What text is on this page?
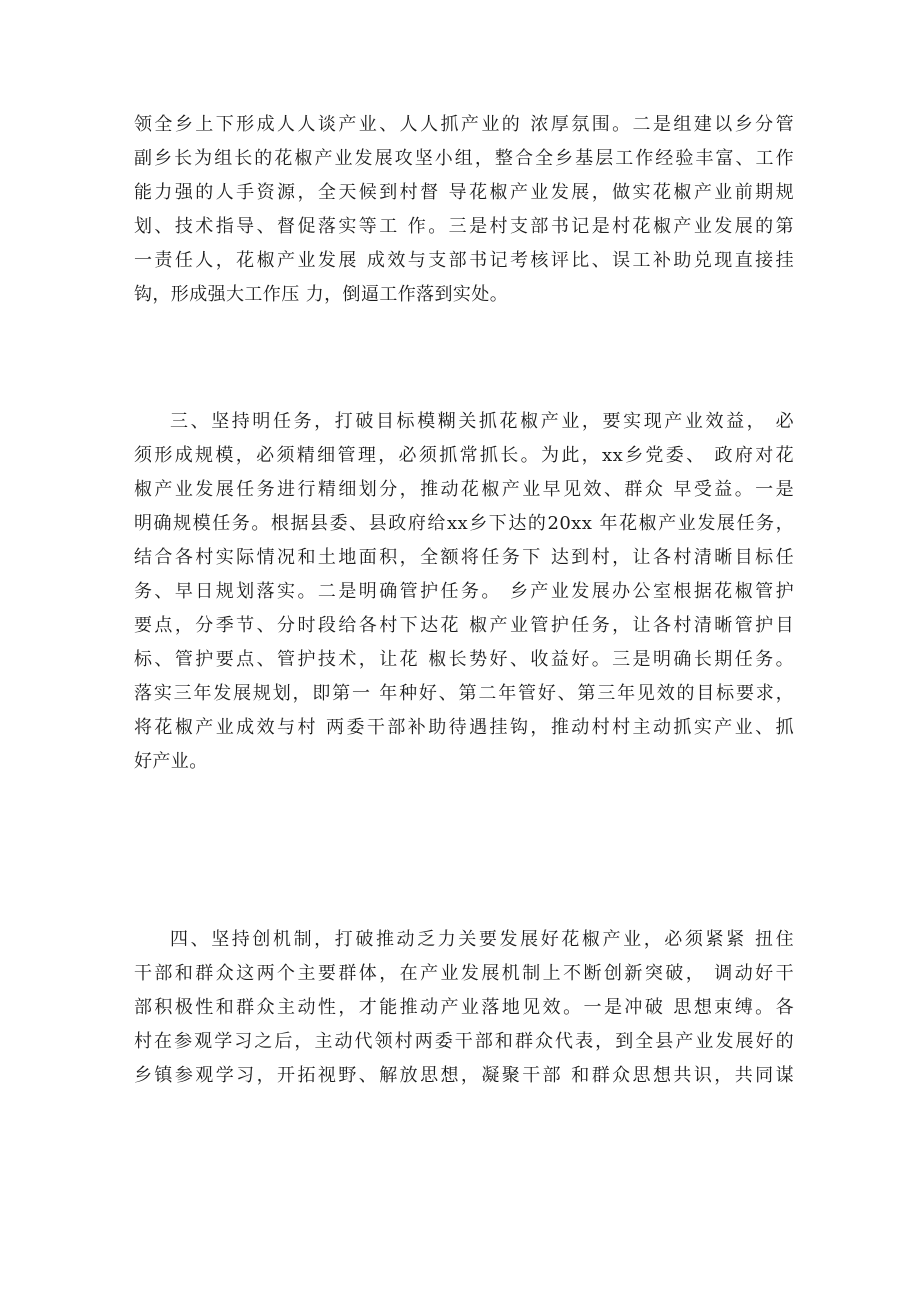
领全乡上下形成人人谈产业、人人抓产业的 浓厚氛围。二是组建以乡分管
副乡长为组长的花椒产业发展攻坚小组，整合全乡基层工作经验丰富、工作
能力强的人手资源，全天候到村督 导花椒产业发展，做实花椒产业前期规
划、技术指导、督促落实等工 作。三是村支部书记是村花椒产业发展的第
一责任人，花椒产业发展 成效与支部书记考核评比、误工补助兑现直接挂
钩，形成强大工作压 力，倒逼工作落到实处。
三、坚持明任务，打破目标模糊关抓花椒产业，要实现产业效益， 必
须形成规模，必须精细管理，必须抓常抓长。为此，xx乡党委、 政府对花
椒产业发展任务进行精细划分，推动花椒产业早见效、群众 早受益。一是
明确规模任务。根据县委、县政府给xx乡下达的20xx 年花椒产业发展任务，
结合各村实际情况和土地面积，全额将任务下 达到村，让各村清晰目标任
务、早日规划落实。二是明确管护任务。 乡产业发展办公室根据花椒管护
要点，分季节、分时段给各村下达花 椒产业管护任务，让各村清晰管护目
标、管护要点、管护技术，让花 椒长势好、收益好。三是明确长期任务。
落实三年发展规划，即第一 年种好、第二年管好、第三年见效的目标要求，
将花椒产业成效与村 两委干部补助待遇挂钩，推动村村主动抓实产业、抓
好产业。
四、坚持创机制，打破推动乏力关要发展好花椒产业，必须紧紧 扭住
干部和群众这两个主要群体，在产业发展机制上不断创新突破， 调动好干
部积极性和群众主动性，才能推动产业落地见效。一是冲破 思想束缚。各
村在参观学习之后，主动代领村两委干部和群众代表，到全县产业发展好的
乡镇参观学习，开拓视野、解放思想，凝聚干部 和群众思想共识，共同谋
